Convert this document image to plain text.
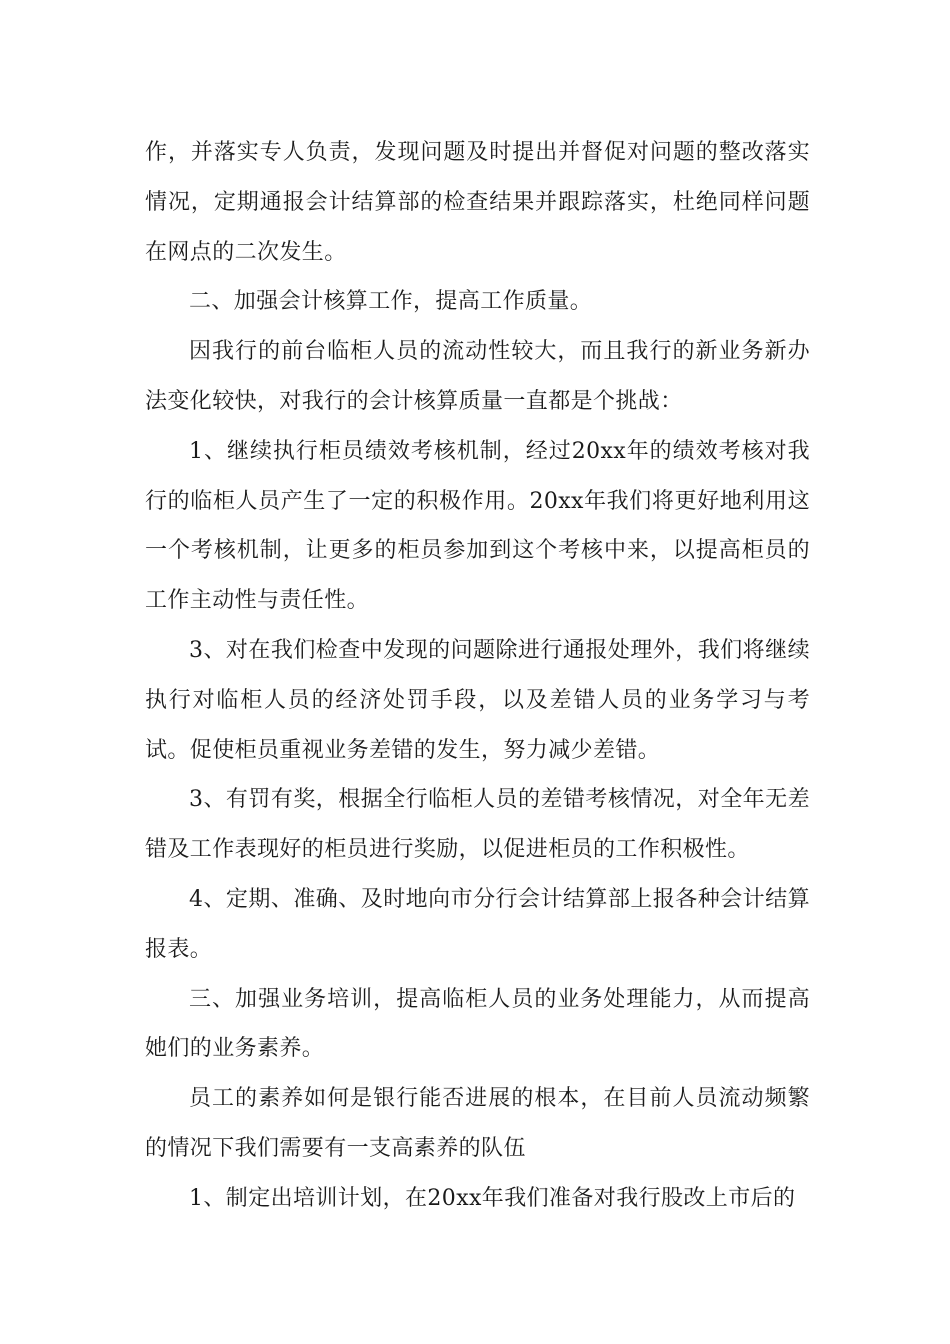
作，并落实专人负责，发现问题及时提出并督促对问题的整改落实情况，定期通报会计结算部的检查结果并跟踪落实，杜绝同样问题在网点的二次发生。

二、加强会计核算工作，提高工作质量。

因我行的前台临柜人员的流动性较大，而且我行的新业务新办法变化较快，对我行的会计核算质量一直都是个挑战：

1、继续执行柜员绩效考核机制，经过20xx年的绩效考核对我行的临柜人员产生了一定的积极作用。20xx年我们将更好地利用这一个考核机制，让更多的柜员参加到这个考核中来，以提高柜员的工作主动性与责任性。

3、对在我们检查中发现的问题除进行通报处理外，我们将继续执行对临柜人员的经济处罚手段，以及差错人员的业务学习与考试。促使柜员重视业务差错的发生，努力减少差错。

3、有罚有奖，根据全行临柜人员的差错考核情况，对全年无差错及工作表现好的柜员进行奖励，以促进柜员的工作积极性。

4、定期、准确、及时地向市分行会计结算部上报各种会计结算报表。

三、加强业务培训，提高临柜人员的业务处理能力，从而提高她们的业务素养。

员工的素养如何是银行能否进展的根本，在目前人员流动频繁的情况下我们需要有一支高素养的队伍

1、制定出培训计划，在20xx年我们准备对我行股改上市后的
